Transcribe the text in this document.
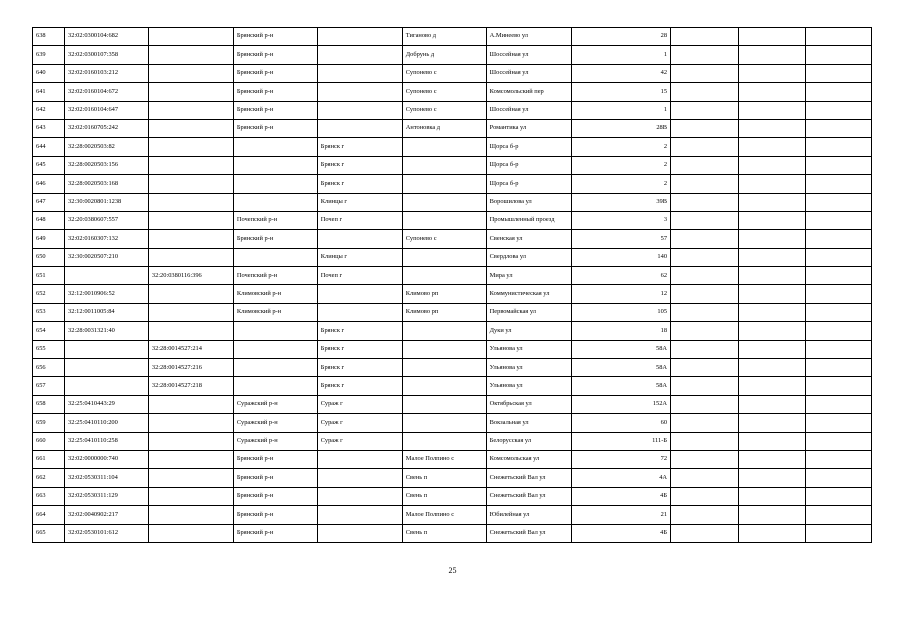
638	32:02:0300104:682		Брянский р-н		Тиганово д	А.Минеево ул	28			
639	32:02:0300107:358		Брянский р-н		Добрунь д	Шоссейная ул	1			
640	32:02:0160103:212		Брянский р-н		Супонево с	Шоссейная ул	42			
641	32:02:0160104:672		Брянский р-н		Супонево с	Комсомольский пер	15			
642	32:02:0160104:647		Брянский р-н		Супонево с	Шоссейная ул	1			
643	32:02:0160705:242		Брянский р-н		Антоновка д	Романтика ул	28В			
644	32:28:0020503:82			Брянск г		Щорса б-р	2			
645	32:28:0020503:156			Брянск г		Щорса б-р	2			
646	32:28:0020503:168			Брянск г		Щорса б-р	2			
647	32:30:0020801:1238			Клинцы г		Ворошилова ул	39В			
648	32:20:0380607:557		Почепский р-н	Почеп г		Промышленный проезд	3			
649	32:02:0160307:132		Брянский р-н		Супонево с	Свенская ул	57			
650	32:30:0020507:210			Клинцы г		Свердлова ул	140			
651		32:20:0380116:396	Почепский р-н	Почеп г		Мира ул	62			
652	32:12:0010906:52		Климовский р-н		Климово рп	Коммунистическая ул	12			
653	32:12:0011005:84		Климовский р-н		Климово рп	Первомайская ул	105			
654	32:28:0031321:40			Брянск г		Дуки ул	18			
655		32:28:0014527:214		Брянск г		Ульянова ул	58А			
656		32:28:0014527:216		Брянск г		Ульянова ул	58А			
657		32:28:0014527:218		Брянск г		Ульянова ул	58А			
658	32:25:0410443:29		Суражский р-н	Сураж г		Октябрьская ул	152А			
659	32:25:0410110:200		Суражский р-н	Сураж г		Вокзальная ул	60			
660	32:25:0410110:258		Суражский р-н	Сураж г		Белорусская ул	111-Б			
661	32:02:0000000:740		Брянский р-н		Малое Полпино с	Комсомольская ул	72			
662	32:02:0530311:104		Брянский р-н		Свень п	Снежетьский Вал ул	4А			
663	32:02:0530311:129		Брянский р-н		Свень п	Снежетьский Вал ул	4Б			
664	32:02:0040902:217		Брянский р-н		Малое Полпино с	Юбилейная ул	21			
665	32:02:0530101:612		Брянский р-н		Свень п	Снежетьский Вал ул	4Б			
25
